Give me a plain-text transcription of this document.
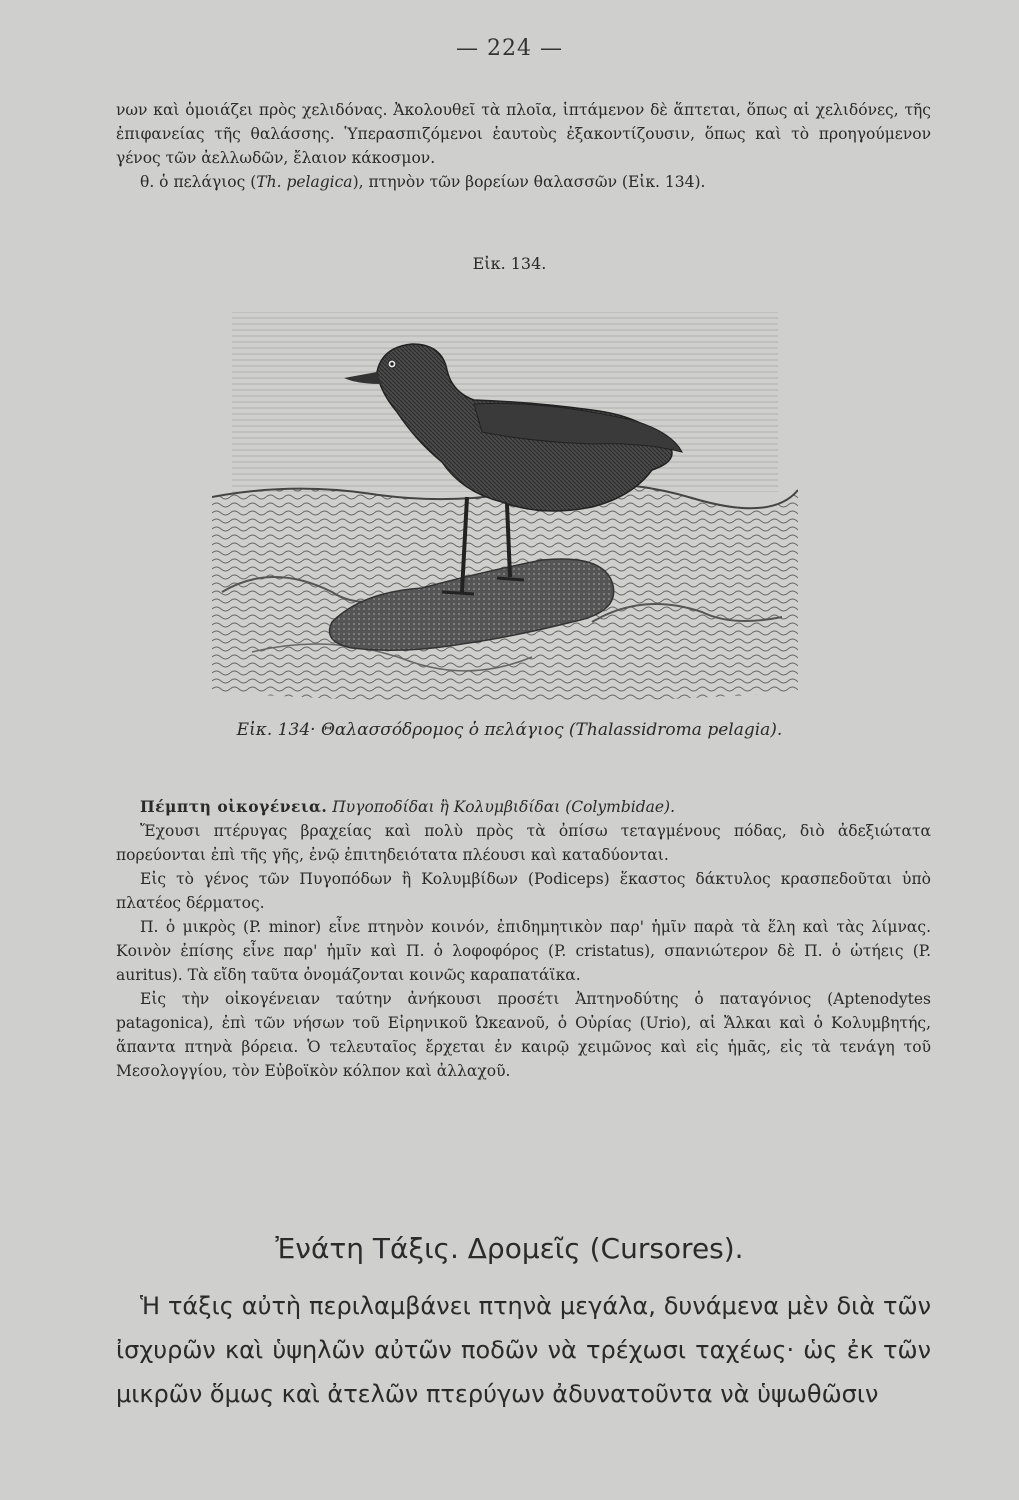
— 224 —

νων καὶ ὁμοιάζει πρὸς χελιδόνας. Ἀκολουθεῖ τὰ πλοῖα, ἱπτάμενον δὲ ἅπτεται, ὅπως αἱ χελιδόνες, τῆς ἐπιφανείας τῆς θαλάσσης. Ὑπερασπιζόμενοι ἑαυτοὺς ἐξακοντίζουσιν, ὅπως καὶ τὸ προηγούμενον γένος τῶν ἀελλωδῶν, ἔλαιον κάκοσμον.

θ. ὁ πελάγιος (Th. pelagica), πτηνὸν τῶν βορείων θαλασσῶν (Εἰκ. 134).

Εἰκ. 134.
Εἰκ. 134· Θαλασσόδρομος ὁ πελάγιος (Thalassidroma pelagia).

Πέμπτη οἰκογένεια. Πυγοποδίδαι ἢ Κολυμβιδίδαι (Colymbidae).

Ἔχουσι πτέρυγας βραχείας καὶ πολὺ πρὸς τὰ ὀπίσω τεταγμένους πόδας, διὸ ἀδεξιώτατα πορεύονται ἐπὶ τῆς γῆς, ἐνῷ ἐπιτηδειότατα πλέουσι καὶ καταδύονται.

Εἰς τὸ γένος τῶν Πυγοπόδων ἢ Κολυμβίδων (Podiceps) ἕκαστος δάκτυλος κρασπεδοῦται ὑπὸ πλατέος δέρματος.

Π. ὁ μικρὸς (P. minor) εἶνε πτηνὸν κοινόν, ἐπιδημητικὸν παρ' ἡμῖν παρὰ τὰ ἕλη καὶ τὰς λίμνας. Κοινὸν ἐπίσης εἶνε παρ' ἡμῖν καὶ Π. ὁ λοφοφόρος (P. cristatus), σπανιώτερον δὲ Π. ὁ ὠτήεις (P. auritus). Τὰ εἴδη ταῦτα ὀνομάζονται κοινῶς καραπατάϊκα.

Εἰς τὴν οἰκογένειαν ταύτην ἀνήκουσι προσέτι Ἀπτηνοδύτης ὁ παταγόνιος (Aptenodytes patagonica), ἐπὶ τῶν νήσων τοῦ Εἰρηνικοῦ Ὠκεανοῦ, ὁ Οὐρίας (Urio), αἱ Ἄλκαι καὶ ὁ Κολυμβητής, ἅπαντα πτηνὰ βόρεια. Ὁ τελευταῖος ἔρχεται ἐν καιρῷ χειμῶνος καὶ εἰς ἡμᾶς, εἰς τὰ τενάγη τοῦ Μεσολογγίου, τὸν Εὐβοϊκὸν κόλπον καὶ ἀλλαχοῦ.

Ἐνάτη Τάξις. Δρομεῖς (Cursores).

Ἡ τάξις αὐτὴ περιλαμβάνει πτηνὰ μεγάλα, δυνάμενα μὲν διὰ τῶν ἰσχυρῶν καὶ ὑψηλῶν αὐτῶν ποδῶν νὰ τρέχωσι ταχέως· ὡς ἐκ τῶν μικρῶν ὅμως καὶ ἀτελῶν πτερύγων ἀδυνατοῦντα νὰ ὑψωθῶσιν
